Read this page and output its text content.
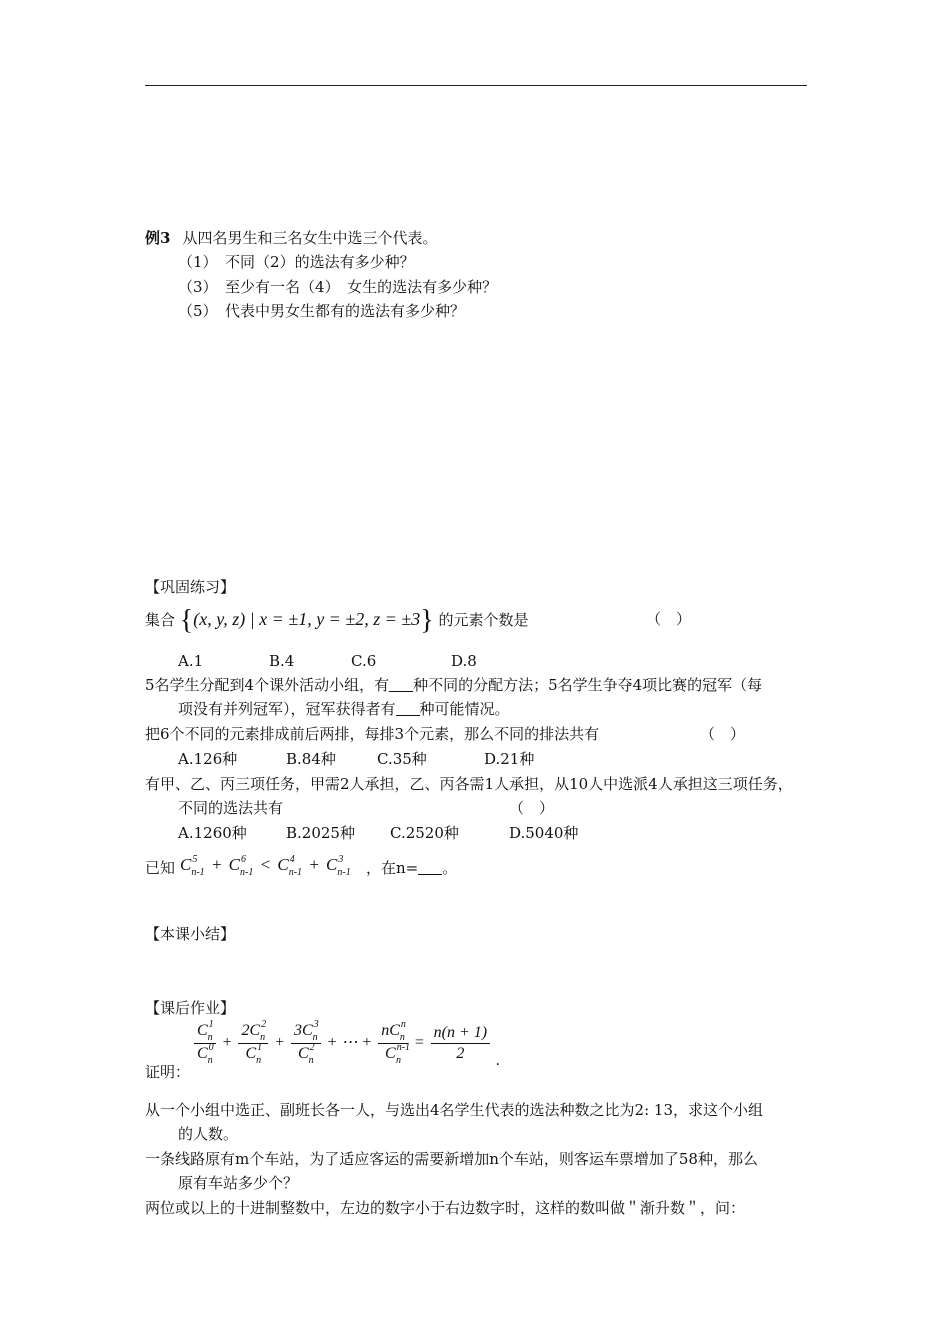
例3 从四名男生和三名女生中选三个代表。
（1）　不同（2）的选法有多少种？
（3）　至少有一名（4）　女生的选法有多少种？
（5）　代表中男女生都有的选法有多少种？
【巩固练习】
集合 {(x, y, z) | x = ±1, y = ±2, z = ±3} 的元素个数是	（　）
A.1	B.4	C.6	D.8
5名学生分配到4个课外活动小组，有 种不同的分配方法；5名学生争夺4项比赛的冠军（每
项没有并列冠军），冠军获得者有 种可能情况。
把6个不同的元素排成前后两排，每排3个元素，那么不同的排法共有	（　）
A.126种	B.84种	C.35种	D.21种
有甲、乙、丙三项任务，甲需2人承担，乙、丙各需1人承担，从10人中选派4人承担这三项任务，
不同的选法共有	（　）
A.1260种	B.2025种 C.2520种	D.5040种
已知 $C^5_{n-1} + C^6_{n-1} < C^4_{n-1} + C^3_{n-1}$ ，在n= 。
【本课小结】
【课后作业】
证明：
$\frac{C^1_n}{C^0_n} + \frac{2C^2_n}{C^1_n} + \frac{3C^3_n}{C^2_n}$ + ⋯ + $\frac{nC^n_n}{C^{n-1}_n} = \frac{n(n + 1)}{2}$ .
从一个小组中选正、副班长各一人，与选出4名学生代表的选法种数之比为2: 13，求这个小组
的人数。
一条线路原有m个车站，为了适应客运的需要新增加n个车站，则客运车票增加了58种，那么
原有车站多少个？
两位或以上的十进制整数中，左边的数字小于右边数字时，这样的数叫做＂渐升数＂，问：
